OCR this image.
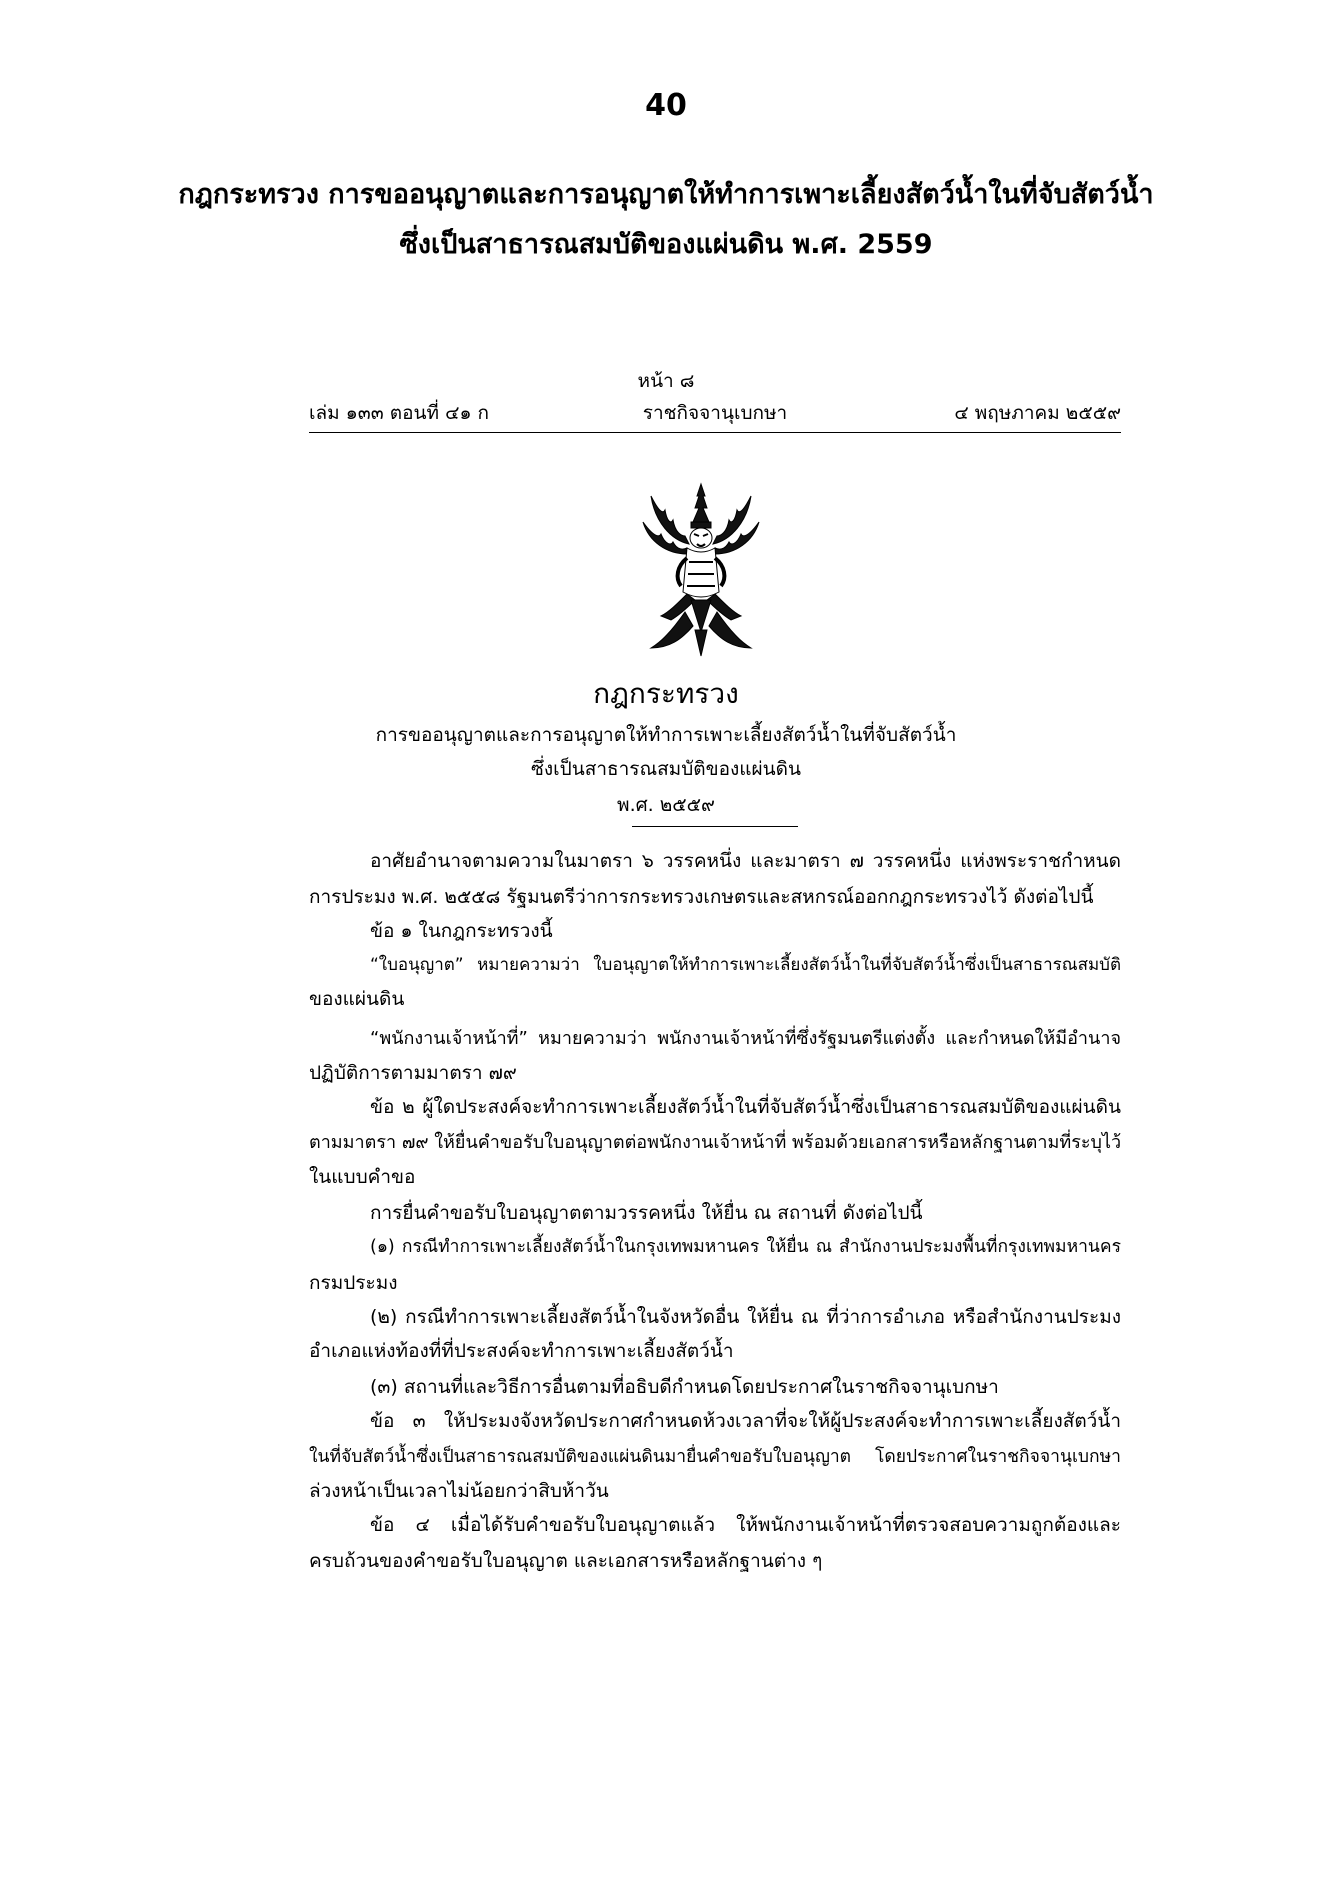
40
กฎกระทรวง การขออนุญาตและการอนุญาตให้ทำการเพาะเลี้ยงสัตว์น้ำในที่จับสัตว์น้ำ
ซึ่งเป็นสาธารณสมบัติของแผ่นดิน พ.ศ. 2559
หน้า ๘
เล่ม ๑๓๓ ตอนที่ ๔๑ ก	ราชกิจจานุเบกษา	๔ พฤษภาคม ๒๕๕๙
กฎกระทรวง
การขออนุญาตและการอนุญาตให้ทำการเพาะเลี้ยงสัตว์น้ำในที่จับสัตว์น้ำ
ซึ่งเป็นสาธารณสมบัติของแผ่นดิน
พ.ศ. ๒๕๕๙
อาศัยอำนาจตามความในมาตรา ๖ วรรคหนึ่ง และมาตรา ๗ วรรคหนึ่ง แห่งพระราชกำหนด
การประมง พ.ศ. ๒๕๕๘ รัฐมนตรีว่าการกระทรวงเกษตรและสหกรณ์ออกกฎกระทรวงไว้ ดังต่อไปนี้
ข้อ ๑ ในกฎกระทรวงนี้
“ใบอนุญาต” หมายความว่า ใบอนุญาตให้ทำการเพาะเลี้ยงสัตว์น้ำในที่จับสัตว์น้ำซึ่งเป็นสาธารณสมบัติ
ของแผ่นดิน
“พนักงานเจ้าหน้าที่” หมายความว่า พนักงานเจ้าหน้าที่ซึ่งรัฐมนตรีแต่งตั้ง และกำหนดให้มีอำนาจ
ปฏิบัติการตามมาตรา ๗๙
ข้อ ๒ ผู้ใดประสงค์จะทำการเพาะเลี้ยงสัตว์น้ำในที่จับสัตว์น้ำซึ่งเป็นสาธารณสมบัติของแผ่นดิน
ตามมาตรา ๗๙ ให้ยื่นคำขอรับใบอนุญาตต่อพนักงานเจ้าหน้าที่ พร้อมด้วยเอกสารหรือหลักฐานตามที่ระบุไว้
ในแบบคำขอ
การยื่นคำขอรับใบอนุญาตตามวรรคหนึ่ง ให้ยื่น ณ สถานที่ ดังต่อไปนี้
(๑) กรณีทำการเพาะเลี้ยงสัตว์น้ำในกรุงเทพมหานคร ให้ยื่น ณ สำนักงานประมงพื้นที่กรุงเทพมหานคร
กรมประมง
(๒) กรณีทำการเพาะเลี้ยงสัตว์น้ำในจังหวัดอื่น ให้ยื่น ณ ที่ว่าการอำเภอ หรือสำนักงานประมง
อำเภอแห่งท้องที่ที่ประสงค์จะทำการเพาะเลี้ยงสัตว์น้ำ
(๓) สถานที่และวิธีการอื่นตามที่อธิบดีกำหนดโดยประกาศในราชกิจจานุเบกษา
ข้อ ๓ ให้ประมงจังหวัดประกาศกำหนดห้วงเวลาที่จะให้ผู้ประสงค์จะทำการเพาะเลี้ยงสัตว์น้ำ
ในที่จับสัตว์น้ำซึ่งเป็นสาธารณสมบัติของแผ่นดินมายื่นคำขอรับใบอนุญาต โดยประกาศในราชกิจจานุเบกษา
ล่วงหน้าเป็นเวลาไม่น้อยกว่าสิบห้าวัน
ข้อ ๔ เมื่อได้รับคำขอรับใบอนุญาตแล้ว ให้พนักงานเจ้าหน้าที่ตรวจสอบความถูกต้องและ
ครบถ้วนของคำขอรับใบอนุญาต และเอกสารหรือหลักฐานต่าง ๆ
